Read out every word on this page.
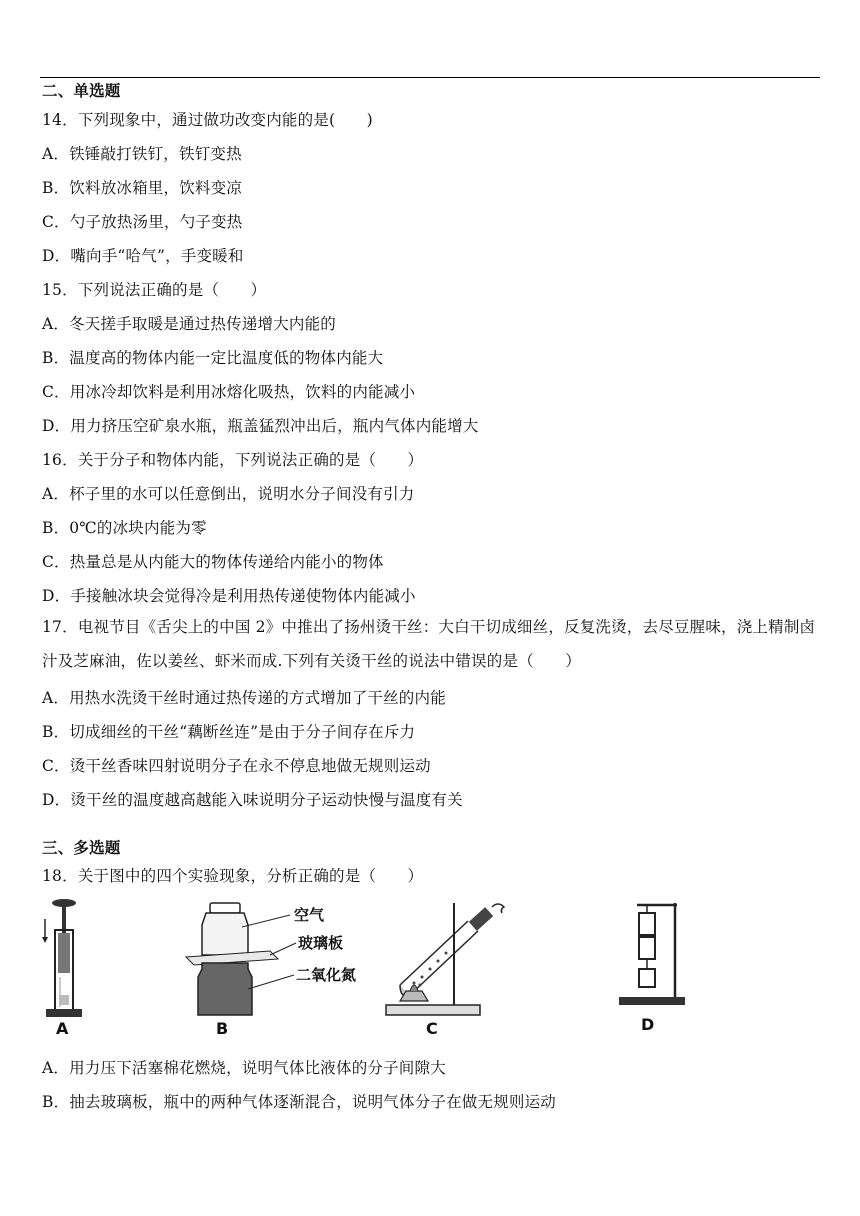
二、单选题
14．下列现象中，通过做功改变内能的是(　　)
A．铁锤敲打铁钉，铁钉变热
B．饮料放冰箱里，饮料变凉
C．勺子放热汤里，勺子变热
D．嘴向手“哈气”，手变暖和
15．下列说法正确的是（　　）
A．冬天搓手取暖是通过热传递增大内能的
B．温度高的物体内能一定比温度低的物体内能大
C．用冰冷却饮料是利用冰熔化吸热，饮料的内能减小
D．用力挤压空矿泉水瓶，瓶盖猛烈冲出后，瓶内气体内能增大
16．关于分子和物体内能，下列说法正确的是（　　）
A．杯子里的水可以任意倒出，说明水分子间没有引力
B．0℃的冰块内能为零
C．热量总是从内能大的物体传递给内能小的物体
D．手接触冰块会觉得冷是利用热传递使物体内能减小
17．电视节目《舌尖上的中国 2》中推出了扬州烫干丝：大白干切成细丝，反复洗烫，去尽豆腥味，浇上精制卤汁及芝麻油，佐以姜丝、虾米而成.下列有关烫干丝的说法中错误的是（　　）
A．用热水洗烫干丝时通过热传递的方式增加了干丝的内能
B．切成细丝的干丝“藕断丝连”是由于分子间存在斥力
C．烫干丝香味四射说明分子在永不停息地做无规则运动
D．烫干丝的温度越高越能入味说明分子运动快慢与温度有关
三、多选题
18．关于图中的四个实验现象，分析正确的是（　　）
A
空气
玻璃板
二氧化氮
B	C	D
A．用力压下活塞棉花燃烧，说明气体比液体的分子间隙大
B．抽去玻璃板，瓶中的两种气体逐渐混合，说明气体分子在做无规则运动
